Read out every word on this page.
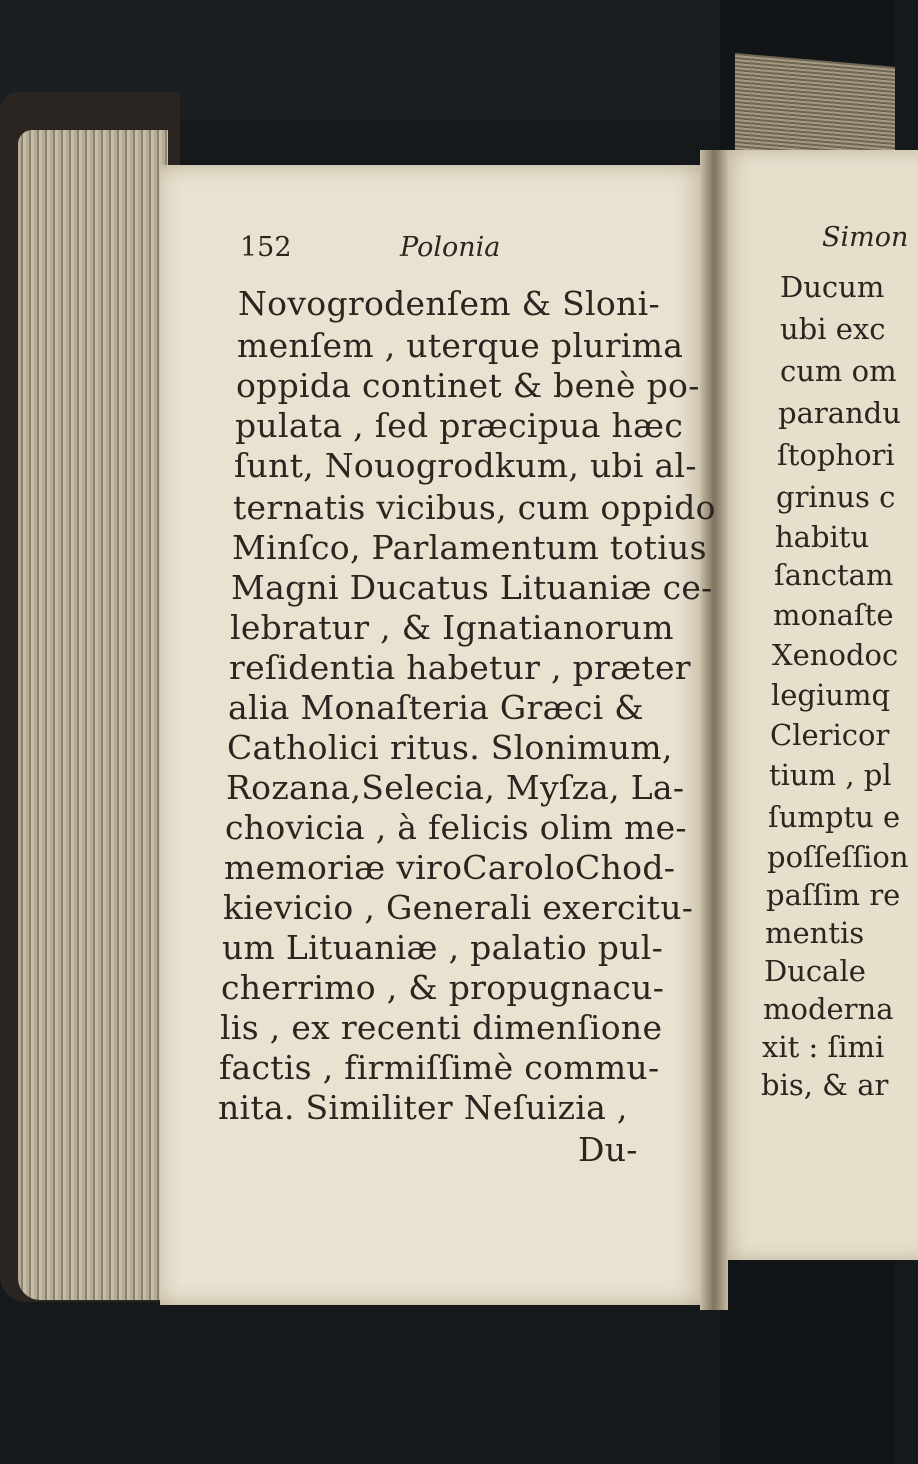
152	Polonia
Novogrodenſem & Sloni-
menſem , uterque plurima
oppida continet & benè po-
pulata , ſed præcipua hæc
ſunt, Nouogrodkum, ubi al-
ternatis vicibus, cum oppido
Minſco, Parlamentum totius
Magni Ducatus Lituaniæ ce-
lebratur , & Ignatianorum
reſidentia habetur , præter
alia Monaſteria Græci &
Catholici ritus. Slonimum,
Rozana,Selecia, Myſza, La-
chovicia , à felicis olim me-
memoriæ viroCaroloChod-
kievicio , Generali exercitu-
um Lituaniæ , palatio pul-
cherrimo , & propugnacu-
lis , ex recenti dimenſione
factis , firmiſſimè commu-
nita. Similiter Neſuizia ,
Du-
Simon
Ducum
ubi exc
cum om
parandu
ſtophori
grinus c
habitu
ſanctam
monaſte
Xenodoc
legiumq
Clericor
tium , pl
ſumptu e
poſſeſſion
paſſim re
mentis
Ducale
moderna
xit : ſimi
bis, & ar
